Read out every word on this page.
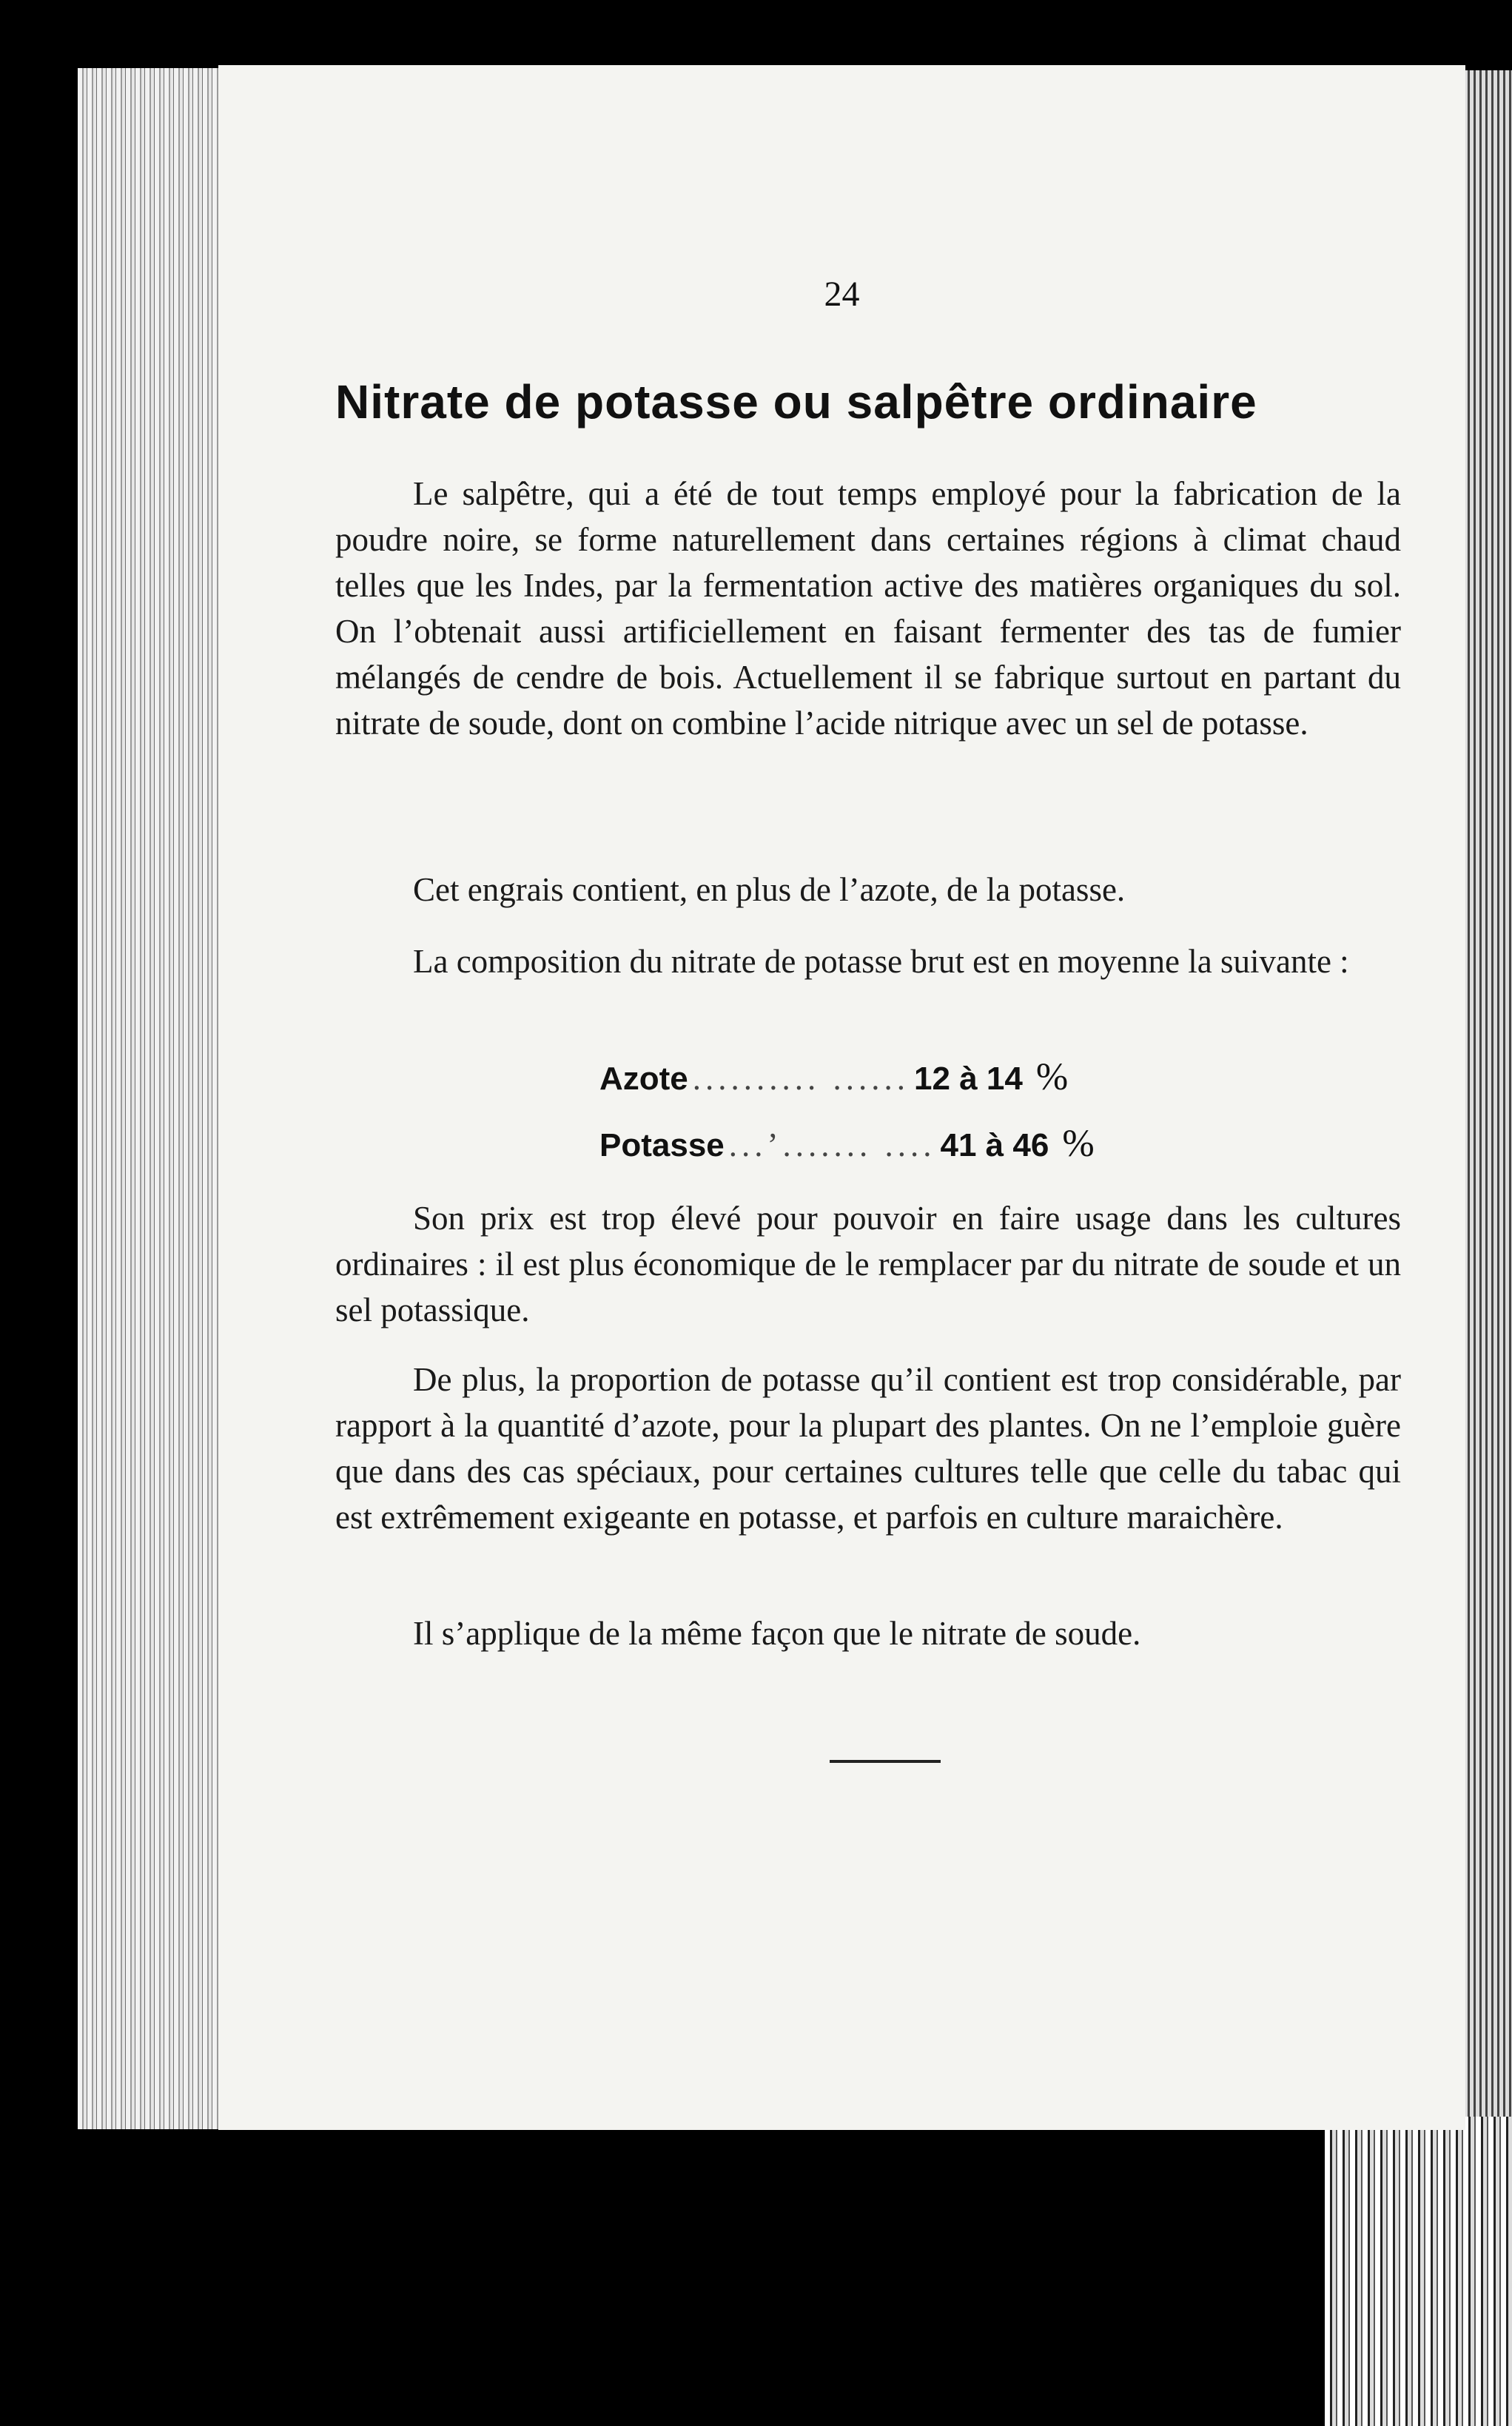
24
Nitrate de potasse ou salpêtre ordinaire

Le salpêtre, qui a été de tout temps employé pour la fabrication de la poudre noire, se forme naturellement dans certaines régions à climat chaud telles que les Indes, par la fermentation active des matières organiques du sol. On l’obtenait aussi artificiellement en faisant fermenter des tas de fumier mélangés de cendre de bois. Actuellement il se fabrique surtout en partant du nitrate de soude, dont on combine l’acide nitrique avec un sel de potasse.

Cet engrais contient, en plus de l’azote, de la potasse.

La composition du nitrate de potasse brut est en moyenne la suivante :

Azote .......... ...... 12 à 14 %
Potasse ...’....... .... 41 à 46 %

Son prix est trop élevé pour pouvoir en faire usage dans les cultures ordinaires : il est plus économique de le remplacer par du nitrate de soude et un sel potassique.

De plus, la proportion de potasse qu’il contient est trop considérable, par rapport à la quantité d’azote, pour la plupart des plantes. On ne l’emploie guère que dans des cas spéciaux, pour certaines cultures telle que celle du tabac qui est extrêmement exigeante en potasse, et parfois en culture maraichère.

Il s’applique de la même façon que le nitrate de soude.
